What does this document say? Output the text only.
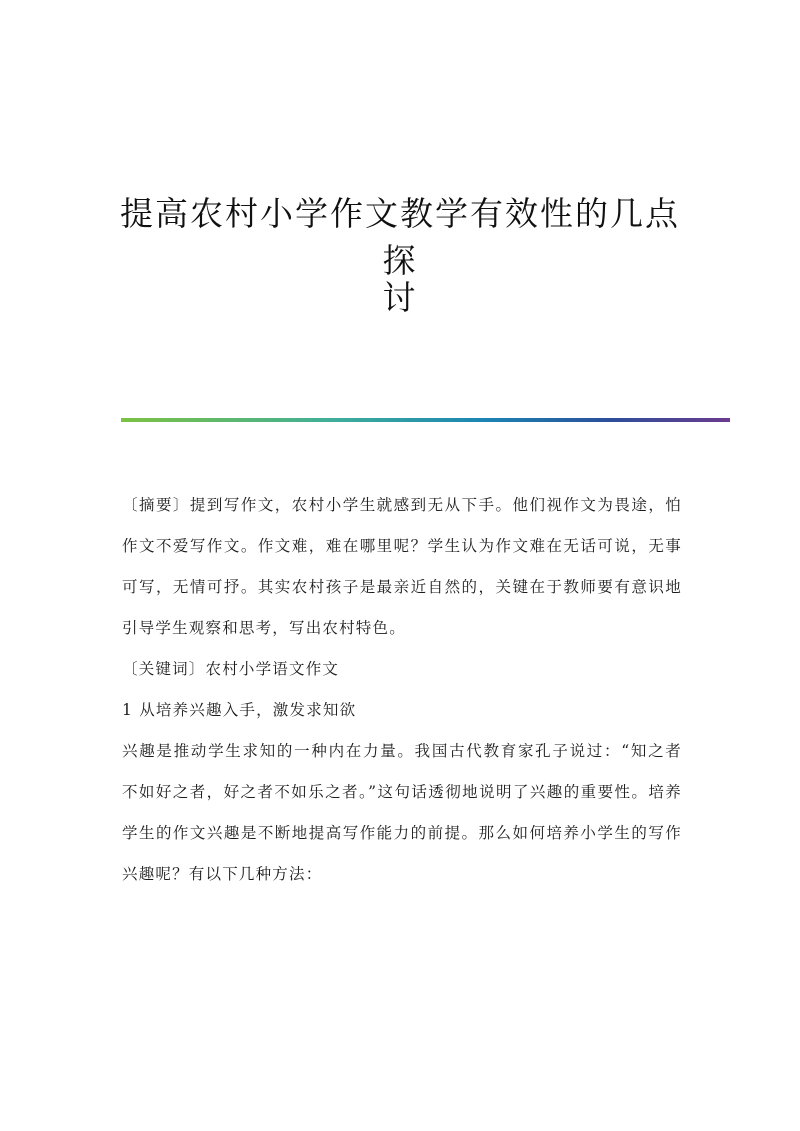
提高农村小学作文教学有效性的几点探
讨

〔摘要〕提到写作文，农村小学生就感到无从下手。他们视作文为畏途，怕作文不爱写作文。作文难，难在哪里呢？学生认为作文难在无话可说，无事可写，无情可抒。其实农村孩子是最亲近自然的，关键在于教师要有意识地引导学生观察和思考，写出农村特色。

〔关键词〕农村小学语文作文

1 从培养兴趣入手，激发求知欲

兴趣是推动学生求知的一种内在力量。我国古代教育家孔子说过：“知之者不如好之者，好之者不如乐之者。”这句话透彻地说明了兴趣的重要性。培养学生的作文兴趣是不断地提高写作能力的前提。那么如何培养小学生的写作兴趣呢？有以下几种方法：
